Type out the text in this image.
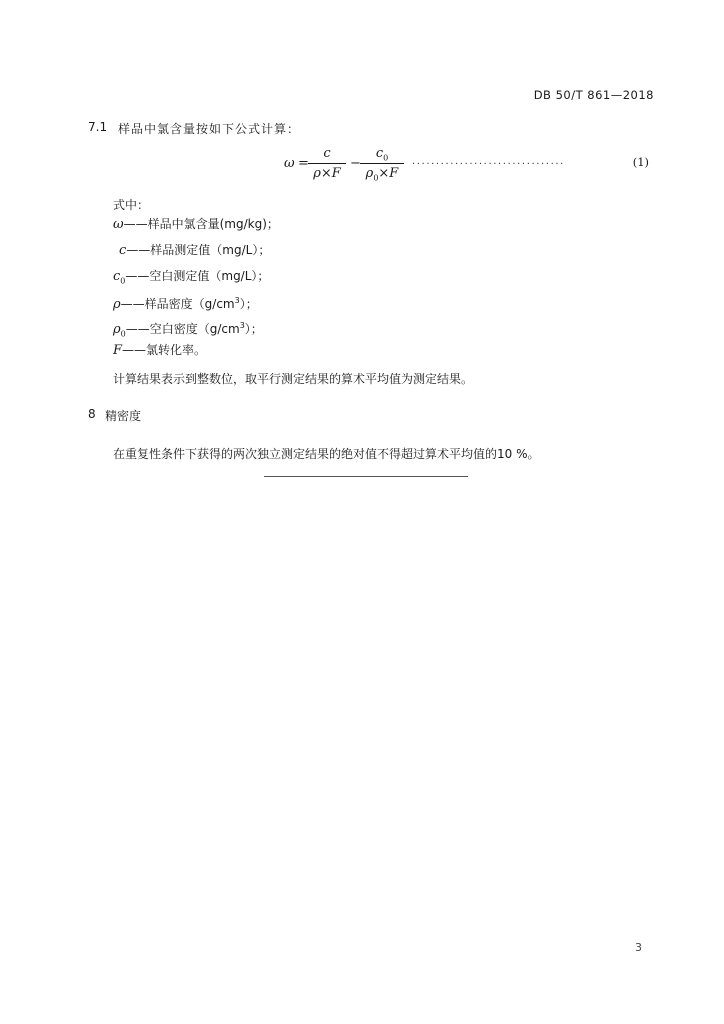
DB 50/T 861—2018
7.1 样品中氯含量按如下公式计算：
ω =
c
ρ×F
−
$c_0$
$\rho_0\times F$
................................	(1)
式中：
ω——样品中氯含量(mg/kg)；
c——样品测定值（mg/L）；
$c_0——$空白测定值（mg/L）；
ρ——样品密度$(g/cm^3)$；
$\rho_0——$空白密度$(g/cm^3)$；
F——氯转化率。
计算结果表示到整数位，取平行测定结果的算术平均值为测定结果。
8 精密度
在重复性条件下获得的两次独立测定结果的绝对值不得超过算术平均值的10 %。
3
